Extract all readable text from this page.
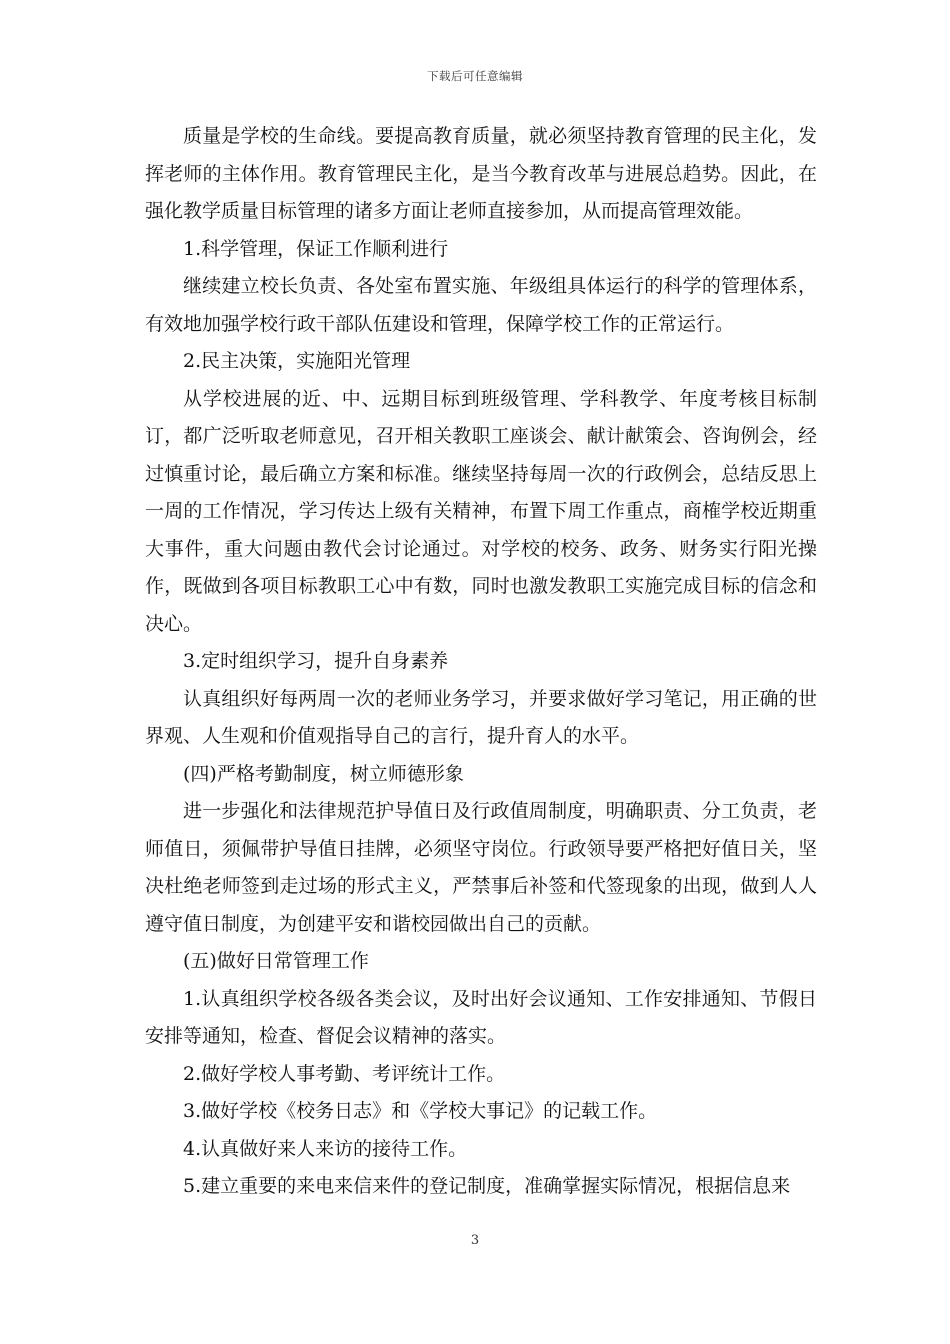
下载后可任意编辑

质量是学校的生命线。要提高教育质量，就必须坚持教育管理的民主化，发挥老师的主体作用。教育管理民主化，是当今教育改革与进展总趋势。因此，在强化教学质量目标管理的诸多方面让老师直接参加，从而提高管理效能。

1.科学管理，保证工作顺利进行

继续建立校长负责、各处室布置实施、年级组具体运行的科学的管理体系，有效地加强学校行政干部队伍建设和管理，保障学校工作的正常运行。

2.民主决策，实施阳光管理

从学校进展的近、中、远期目标到班级管理、学科教学、年度考核目标制订，都广泛听取老师意见，召开相关教职工座谈会、献计献策会、咨询例会，经过慎重讨论，最后确立方案和标准。继续坚持每周一次的行政例会，总结反思上一周的工作情况，学习传达上级有关精神，布置下周工作重点，商榷学校近期重大事件，重大问题由教代会讨论通过。对学校的校务、政务、财务实行阳光操作，既做到各项目标教职工心中有数，同时也激发教职工实施完成目标的信念和决心。

3.定时组织学习，提升自身素养

认真组织好每两周一次的老师业务学习，并要求做好学习笔记，用正确的世界观、人生观和价值观指导自己的言行，提升育人的水平。

(四)严格考勤制度，树立师德形象

进一步强化和法律规范护导值日及行政值周制度，明确职责、分工负责，老师值日，须佩带护导值日挂牌，必须坚守岗位。行政领导要严格把好值日关，坚决杜绝老师签到走过场的形式主义，严禁事后补签和代签现象的出现，做到人人遵守值日制度，为创建平安和谐校园做出自己的贡献。

(五)做好日常管理工作

1.认真组织学校各级各类会议，及时出好会议通知、工作安排通知、节假日安排等通知，检查、督促会议精神的落实。

2.做好学校人事考勤、考评统计工作。

3.做好学校《校务日志》和《学校大事记》的记载工作。

4.认真做好来人来访的接待工作。

5.建立重要的来电来信来件的登记制度，准确掌握实际情况，根据信息来

3
